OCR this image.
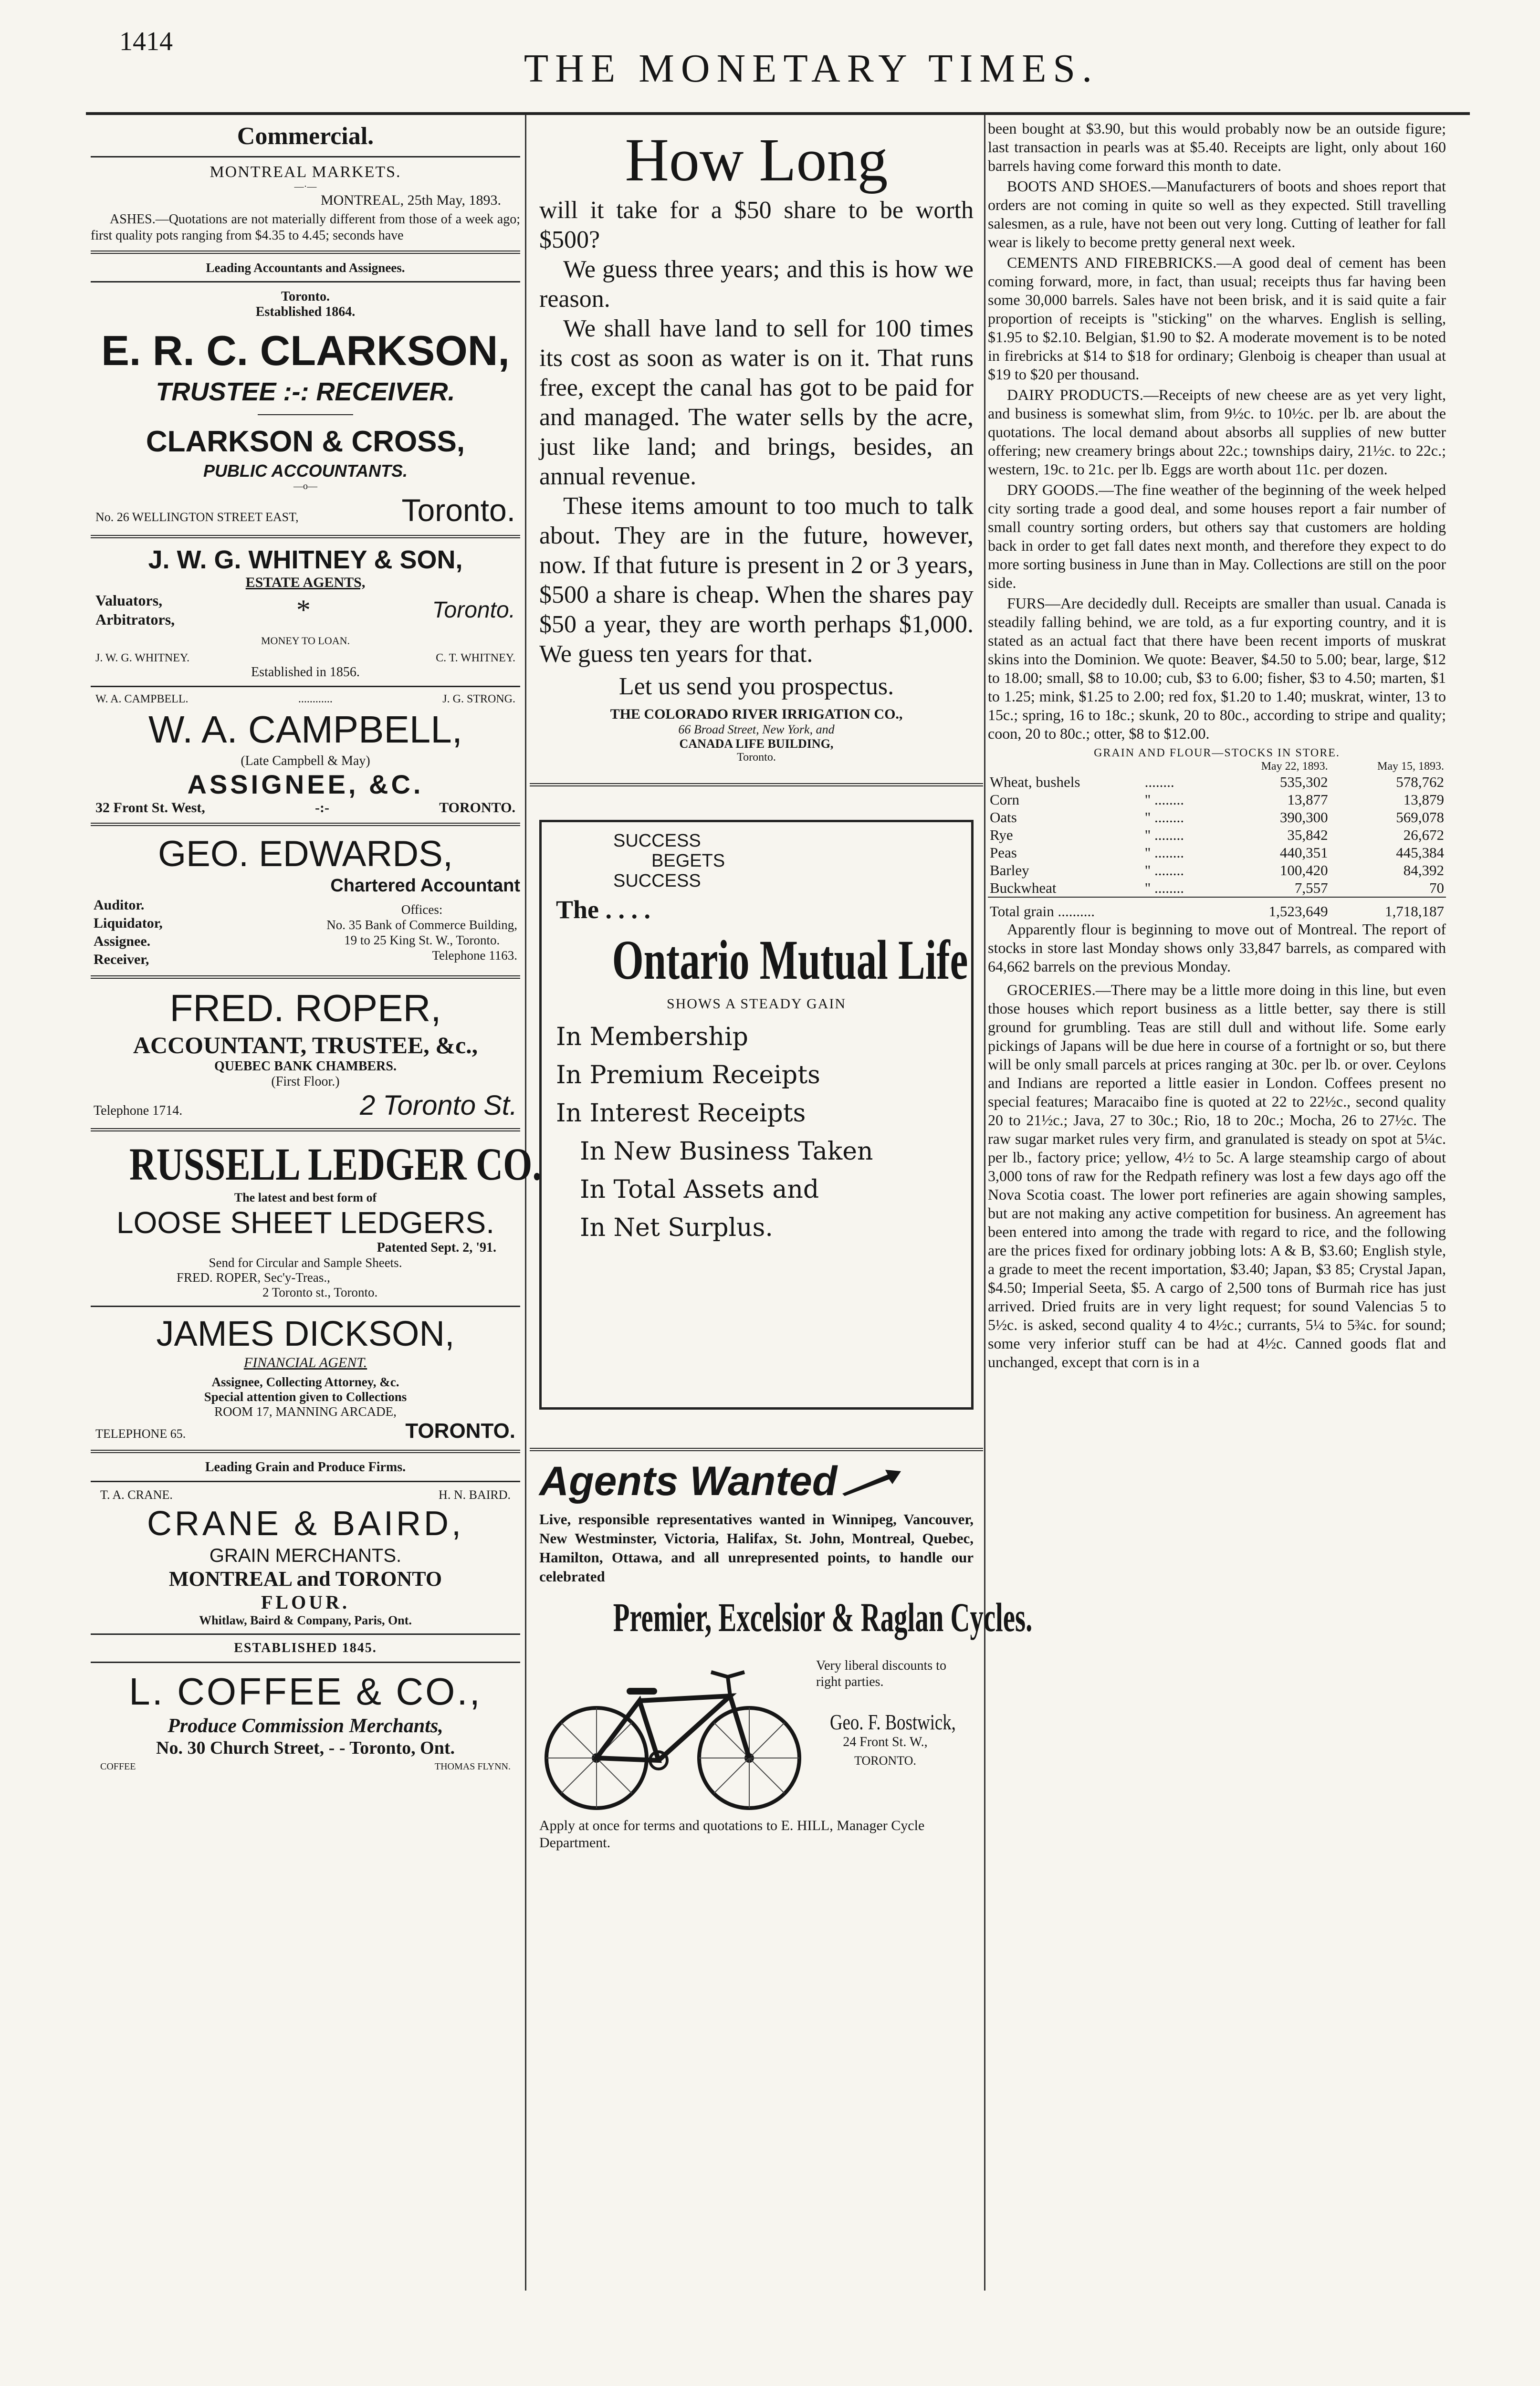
1414
THE MONETARY TIMES.
Commercial.
MONTREAL MARKETS.
—·—
MONTREAL, 25th May, 1893.

ASHES.—Quotations are not materially different from those of a week ago; first quality pots ranging from $4.35 to 4.45; seconds have

Leading Accountants and Assignees.
Toronto.
Established 1864.
E. R. C. CLARKSON,
TRUSTEE :-: RECEIVER.
CLARKSON & CROSS,
PUBLIC ACCOUNTANTS.
—o—
No. 26 WELLINGTON STREET EAST,	Toronto.
J. W. G. WHITNEY & SON,
ESTATE AGENTS,
Valuators,
Arbitrators,	*	Toronto.
MONEY TO LOAN.
J. W. G. WHITNEY.	C. T. WHITNEY.
Established in 1856.
W. A. CAMPBELL.	............	J. G. STRONG.
W. A. CAMPBELL,
(Late Campbell & May)
ASSIGNEE, &C.
32 Front St. West,	-:-	TORONTO.
GEO. EDWARDS,
Chartered Accountant
Auditor.
Liquidator,
Assignee.
Receiver,
Offices:
No. 35 Bank of Commerce Building,
19 to 25 King St. W., Toronto.
Telephone 1163.
FRED. ROPER,
ACCOUNTANT, TRUSTEE, &c.,
QUEBEC BANK CHAMBERS.
(First Floor.)
Telephone 1714.	2 Toronto St.
RUSSELL LEDGER CO.
The latest and best form of
LOOSE SHEET LEDGERS.
Patented Sept. 2, '91.
Send for Circular and Sample Sheets.
FRED. ROPER, Sec'y-Treas.,
2 Toronto st., Toronto.
JAMES DICKSON,
FINANCIAL AGENT.
Assignee, Collecting Attorney, &c.
Special attention given to Collections
ROOM 17, MANNING ARCADE,
TELEPHONE 65.	TORONTO.
Leading Grain and Produce Firms.
T. A. CRANE.	H. N. BAIRD.
CRANE & BAIRD,
GRAIN MERCHANTS.
MONTREAL and TORONTO
FLOUR.
Whitlaw, Baird & Company, Paris, Ont.
ESTABLISHED 1845.
L. COFFEE & CO.,
Produce Commission Merchants,
No. 30 Church Street, - - Toronto, Ont.
COFFEE	THOMAS FLYNN.
How Long

will it take for a $50 share to be worth $500?

We guess three years; and this is how we reason.

We shall have land to sell for 100 times its cost as soon as water is on it. That runs free, except the canal has got to be paid for and managed. The water sells by the acre, just like land; and brings, besides, an annual revenue.

These items amount to too much to talk about. They are in the future, however, now. If that future is present in 2 or 3 years, $500 a share is cheap. When the shares pay $50 a year, they are worth perhaps $1,000. We guess ten years for that.

Let us send you prospectus.

THE COLORADO RIVER IRRIGATION CO.,
66 Broad Street, New York, and
CANADA LIFE BUILDING,
Toronto.
SUCCESS
BEGETS
SUCCESS
The . . . .
Ontario Mutual Life
SHOWS A STEADY GAIN
In Membership
In Premium Receipts
In Interest Receipts
In New Business Taken
In Total Assets and
In Net Surplus.
Agents Wanted

Live, responsible representatives wanted in Winnipeg, Vancouver, New Westminster, Victoria, Halifax, St. John, Montreal, Quebec, Hamilton, Ottawa, and all unrepresented points, to handle our celebrated

Premier, Excelsior & Raglan Cycles.
Very liberal discounts to right parties.
Geo. F. Bostwick,
24 Front St. W.,
TORONTO.
Apply at once for terms and quotations to E. HILL, Manager Cycle Department.

been bought at $3.90, but this would probably now be an outside figure; last transaction in pearls was at $5.40. Receipts are light, only about 160 barrels having come forward this month to date.

BOOTS AND SHOES.—Manufacturers of boots and shoes report that orders are not coming in quite so well as they expected. Still travelling salesmen, as a rule, have not been out very long. Cutting of leather for fall wear is likely to become pretty general next week.

CEMENTS AND FIREBRICKS.—A good deal of cement has been coming forward, more, in fact, than usual; receipts thus far having been some 30,000 barrels. Sales have not been brisk, and it is said quite a fair proportion of receipts is "sticking" on the wharves. English is selling, $1.95 to $2.10. Belgian, $1.90 to $2. A moderate movement is to be noted in firebricks at $14 to $18 for ordinary; Glenboig is cheaper than usual at $19 to $20 per thousand.

DAIRY PRODUCTS.—Receipts of new cheese are as yet very light, and business is somewhat slim, from 9½c. to 10½c. per lb. are about the quotations. The local demand about absorbs all supplies of new butter offering; new creamery brings about 22c.; townships dairy, 21½c. to 22c.; western, 19c. to 21c. per lb. Eggs are worth about 11c. per dozen.

DRY GOODS.—The fine weather of the beginning of the week helped city sorting trade a good deal, and some houses report a fair number of small country sorting orders, but others say that customers are holding back in order to get fall dates next month, and therefore they expect to do more sorting business in June than in May. Collections are still on the poor side.

FURS—Are decidedly dull. Receipts are smaller than usual. Canada is steadily falling behind, we are told, as a fur exporting country, and it is stated as an actual fact that there have been recent imports of muskrat skins into the Dominion. We quote: Beaver, $4.50 to 5.00; bear, large, $12 to 18.00; small, $8 to 10.00; cub, $3 to 6.00; fisher, $3 to 4.50; marten, $1 to 1.25; mink, $1.25 to 2.00; red fox, $1.20 to 1.40; muskrat, winter, 13 to 15c.; spring, 16 to 18c.; skunk, 20 to 80c., according to stripe and quality; coon, 20 to 80c.; otter, $8 to $12.00.

GRAIN AND FLOUR—STOCKS IN STORE.
		May 22, 1893.	May 15, 1893.
Wheat, bushels	........	535,302	578,762
Corn	" ........	13,877	13,879
Oats	" ........	390,300	569,078
Rye	" ........	35,842	26,672
Peas	" ........	440,351	445,384
Barley	" ........	100,420	84,392
Buckwheat	" ........	7,557	70

Total grain ..........		1,523,649	1,718,187

Apparently flour is beginning to move out of Montreal. The report of stocks in store last Monday shows only 33,847 barrels, as compared with 64,662 barrels on the previous Monday.

GROCERIES.—There may be a little more doing in this line, but even those houses which report business as a little better, say there is still ground for grumbling. Teas are still dull and without life. Some early pickings of Japans will be due here in course of a fortnight or so, but there will be only small parcels at prices ranging at 30c. per lb. or over. Ceylons and Indians are reported a little easier in London. Coffees present no special features; Maracaibo fine is quoted at 22 to 22½c., second quality 20 to 21½c.; Java, 27 to 30c.; Rio, 18 to 20c.; Mocha, 26 to 27½c. The raw sugar market rules very firm, and granulated is steady on spot at 5¼c. per lb., factory price; yellow, 4½ to 5c. A large steamship cargo of about 3,000 tons of raw for the Redpath refinery was lost a few days ago off the Nova Scotia coast. The lower port refineries are again showing samples, but are not making any active competition for business. An agreement has been entered into among the trade with regard to rice, and the following are the prices fixed for ordinary jobbing lots: A & B, $3.60; English style, a grade to meet the recent importation, $3.40; Japan, $3 85; Crystal Japan, $4.50; Imperial Seeta, $5. A cargo of 2,500 tons of Burmah rice has just arrived. Dried fruits are in very light request; for sound Valencias 5 to 5½c. is asked, second quality 4 to 4½c.; currants, 5¼ to 5¾c. for sound; some very inferior stuff can be had at 4½c. Canned goods flat and unchanged, except that corn is in a
